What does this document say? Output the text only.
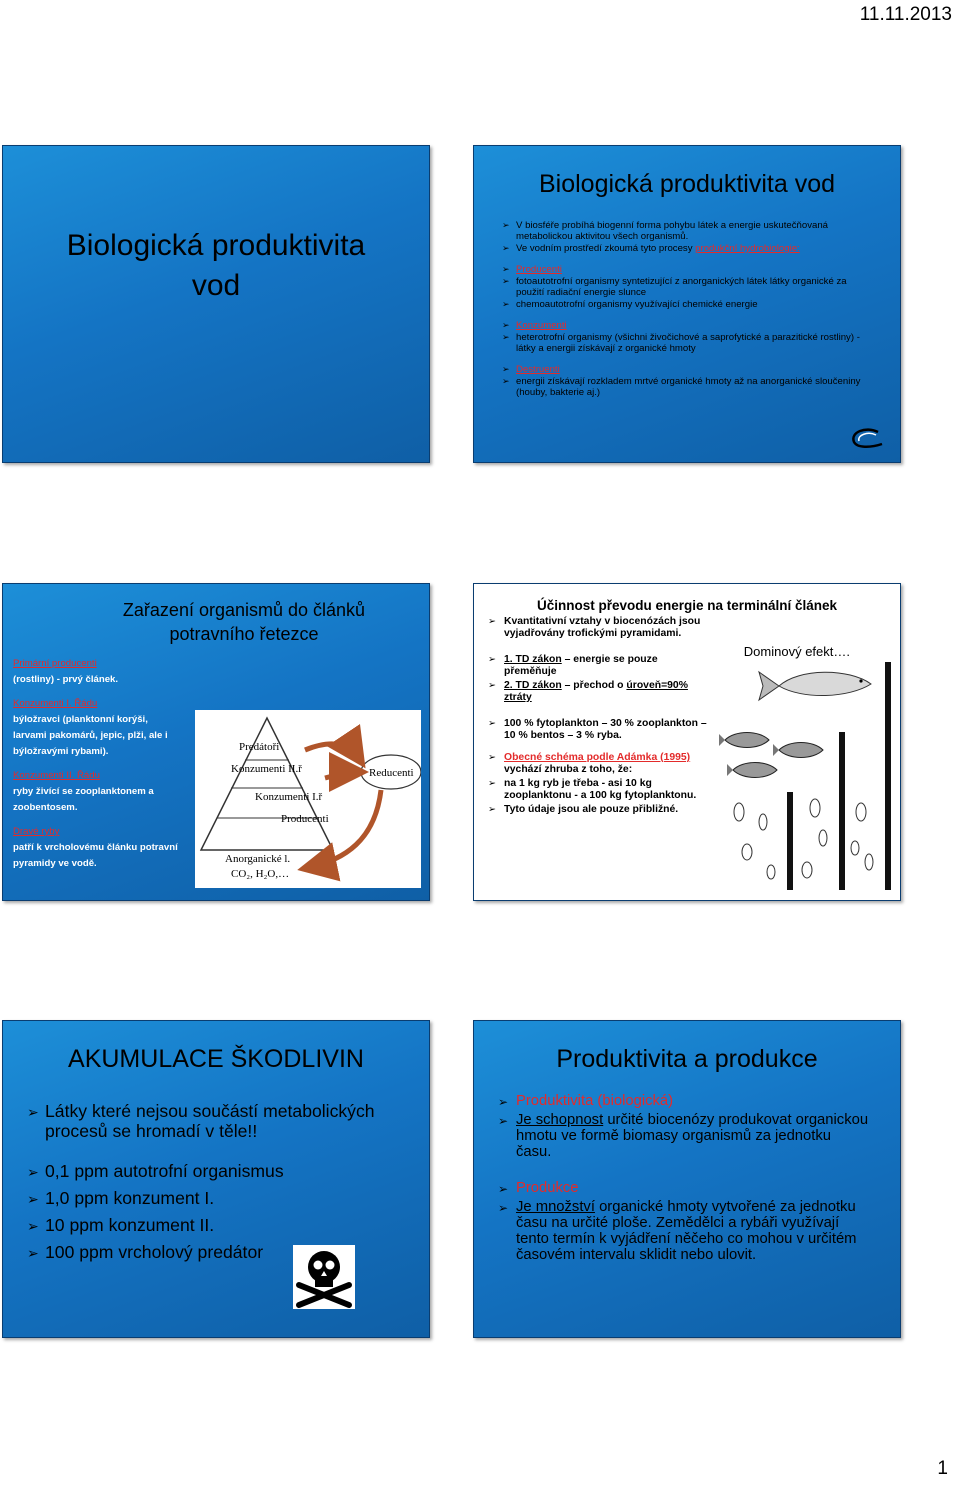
11.11.2013
Biologická produktivita
vod
Biologická produktivita vod
➢ V biosféře probíhá biogenní forma pohybu látek a energie uskutečňovaná metabolickou aktivitou všech organismů.
➢ Ve vodním prostředí zkoumá tyto procesy produkční hydrobiologie:
➢ Producenti
➢ fotoautotrofní organismy syntetizující z anorganických látek látky organické za použití radiační energie slunce
➢ chemoautotrofní organismy využívající chemické energie
➢ Konzumenti
➢ heterotrofní organismy (všichni živočichové a saprofytické a parazitické rostliny) - látky a energii získávají z organické hmoty
➢ Destruenti
➢ energii získávají rozkladem mrtvé organické hmoty až na anorganické sloučeniny (houby, bakterie aj.)
Zařazení organismů do článků
potravního řetezce
Primární producenti
(rostliny) - prvý článek.
Konzumenti I. Řádu
býložravci (planktonní korýši, larvami pakomárů, jepic, plži, ale i býložravými rybami).
Konzumenti II. Řádu
ryby živící se zooplanktonem a zoobentosem.
Dravé ryby
patří k vrcholovému článku potravní pyramidy ve vodě.
Predátoři
Konzumenti II.ř
Konzumenti I.ř
Producenti
Anorganické l.
CO₂, H₂O,…
Reducenti
Účinnost převodu energie na terminální článek
Dominový efekt….
➢ Kvantitativní vztahy v biocenózách jsou vyjadřovány trofickými pyramidami.
➢ 1. TD zákon – energie se pouze přeměňuje
➢ 2. TD zákon – přechod o úroveň=90% ztráty
➢ 100 % fytoplankton – 30 % zooplankton – 10 % bentos – 3 % ryba.
➢ Obecné schéma podle Adámka (1995) vychází zhruba z toho, že:
➢ na 1 kg ryb je třeba - asi 10 kg zooplanktonu - a 100 kg fytoplanktonu.
➢ Tyto údaje jsou ale pouze přibližné.
AKUMULACE ŠKODLIVIN
➢ Látky které nejsou součástí metabolických procesů se hromadí v těle!!
➢ 0,1 ppm autotrofní organismus
➢ 1,0 ppm konzument I.
➢ 10 ppm konzument II.
➢ 100 ppm vrcholový predátor
Produktivita a produkce
➢ Produktivita (biologická)
➢ Je schopnost určité biocenózy produkovat organickou hmotu ve formě biomasy organismů za jednotku času.
➢ Produkce
➢ Je množství organické hmoty vytvořené za jednotku času na určité ploše. Zemědělci a rybáři využívají tento termín k vyjádření něčeho co mohou v určitém časovém intervalu sklidit nebo ulovit.
1
